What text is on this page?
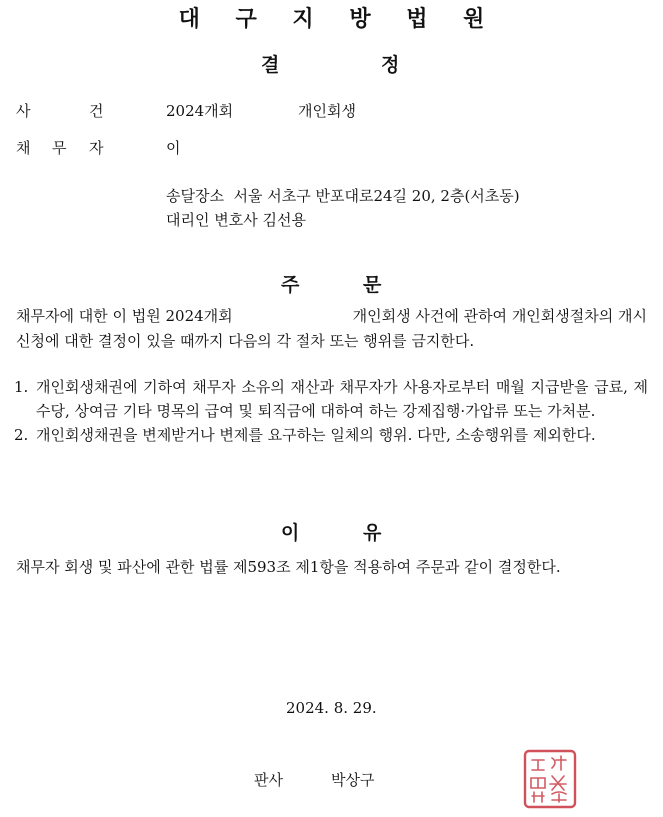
대 구 지 방 법 원
결	정
사	건	2024개회	개인회생
채 무 자	이
송달장소  서울 서초구 반포대로24길 20, 2층(서초동)
대리인 변호사 김선용
주	문
채무자에 대한 이 법원 2024개회	개인회생 사건에 관하여 개인회생절차의 개시
신청에 대한 결정이 있을 때까지 다음의 각 절차 또는 행위를 금지한다.
1. 개인회생채권에 기하여 채무자 소유의 재산과 채무자가 사용자로부터 매월 지급받을 급료, 제수당, 상여금 기타 명목의 급여 및 퇴직금에 대하여 하는 강제집행·가압류 또는 가처분.
2. 개인회생채권을 변제받거나 변제를 요구하는 일체의 행위. 다만, 소송행위를 제외한다.
이	유
채무자 회생 및 파산에 관한 법률 제593조 제1항을 적용하여 주문과 같이 결정한다.
2024. 8. 29.
판사	박상구
